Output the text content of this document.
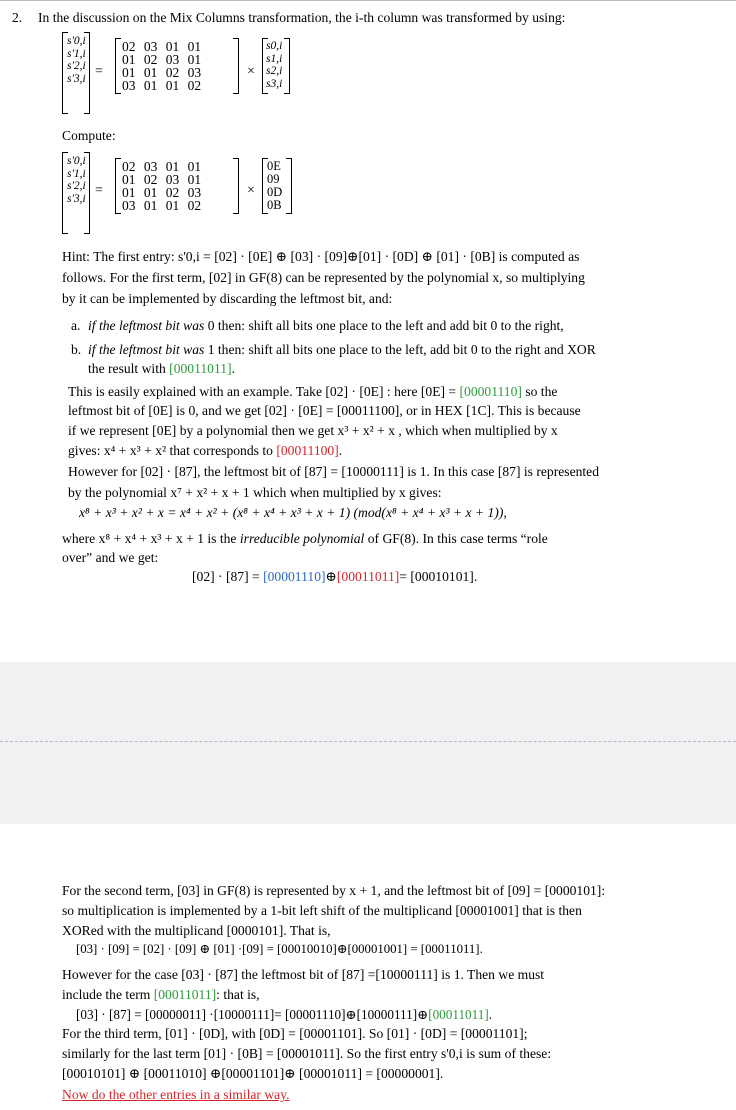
2. In the discussion on the Mix Columns transformation, the i-th column was transformed by using:
s'0,i
s'1,i
s'2,i
s'3,i =
02 03 01 01
01 02 03 01
01 01 02 03
03 01 01 02
×
s0,i
s1,i
s2,i
s3,i
Compute:
s'0,i
s'1,i
s'2,i
s'3,i
=
02 03 01 01
01 02 03 01
01 01 02 03
03 01 01 02
×
0E
09
0D
0B
Hint: The first entry: s'0,i = [02] · [0E] ⊕ [03] · [09]⊕[01] · [0D] ⊕ [01] · [0B] is computed as
follows. For the first term, [02] in GF(8) can be represented by the polynomial x, so multiplying
by it can be implemented by discarding the leftmost bit, and:
a. if the leftmost bit was 0 then: shift all bits one place to the left and add bit 0 to the right,
b. if the leftmost bit was 1 then: shift all bits one place to the left, add bit 0 to the right and XOR
the result with [00011011].
This is easily explained with an example. Take [02] · [0E] : here [0E] = [00001110] so the
leftmost bit of [0E] is 0, and we get [02] · [0E] = [00011100], or in HEX [1C]. This is because
if we represent [0E] by a polynomial then we get x³ + x² + x , which when multiplied by x
gives: x⁴ + x³ + x² that corresponds to [00011100].
However for [02] · [87], the leftmost bit of [87] = [10000111] is 1. In this case [87] is represented
by the polynomial x⁷ + x² + x + 1 which when multiplied by x gives:
x⁸ + x³ + x² + x = x⁴ + x² + (x⁸ + x⁴ + x³ + x + 1) (mod(x⁸ + x⁴ + x³ + x + 1)),
where x⁸ + x⁴ + x³ + x + 1 is the irreducible polynomial of GF(8). In this case terms “role
over” and we get:
[02] · [87] = [00001110]⊕[00011011]= [00010101].
For the second term, [03] in GF(8) is represented by x + 1, and the leftmost bit of [09] = [0000101]:
so multiplication is implemented by a 1-bit left shift of the multiplicand [00001001] that is then
XORed with the multiplicand [0000101]. That is,
[03] · [09] = [02] · [09] ⊕ [01] ·[09] = [00010010]⊕[00001001] = [00011011].
However for the case [03] · [87] the leftmost bit of [87] =[10000111] is 1. Then we must
include the term [00011011]: that is,
[03] · [87] = [00000011] ·[10000111]= [00001110]⊕[10000111]⊕[00011011].
For the third term, [01] · [0D], with [0D] = [00001101]. So [01] · [0D] = [00001101];
similarly for the last term [01] · [0B] = [00001011]. So the first entry s'0,i is sum of these:
[00010101] ⊕ [00011010] ⊕[00001101]⊕ [00001011] = [00000001].
Now do the other entries in a similar way.
